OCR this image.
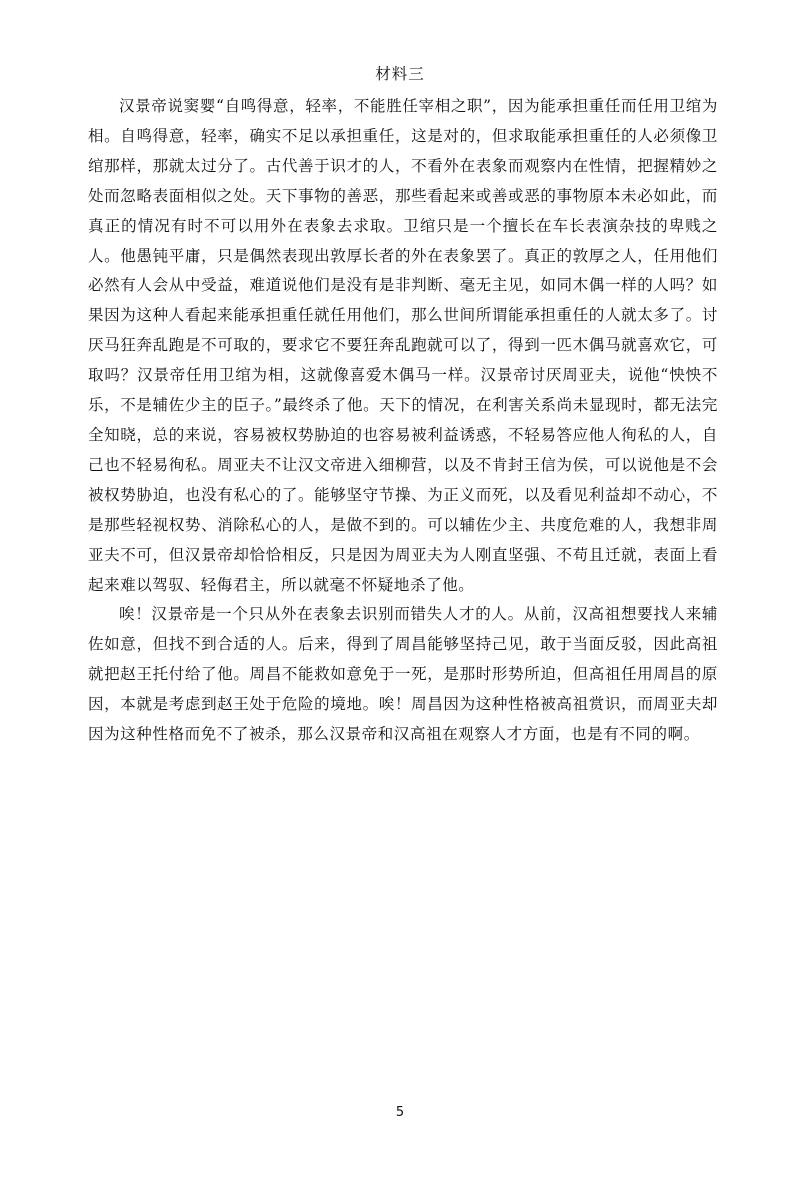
材料三

汉景帝说窦婴“自鸣得意，轻率，不能胜任宰相之职”，因为能承担重任而任用卫绾为相。自鸣得意，轻率，确实不足以承担重任，这是对的，但求取能承担重任的人必须像卫绾那样，那就太过分了。古代善于识才的人，不看外在表象而观察内在性情，把握精妙之处而忽略表面相似之处。天下事物的善恶，那些看起来或善或恶的事物原本未必如此，而真正的情况有时不可以用外在表象去求取。卫绾只是一个擅长在车长表演杂技的卑贱之人。他愚钝平庸，只是偶然表现出敦厚长者的外在表象罢了。真正的敦厚之人，任用他们必然有人会从中受益，难道说他们是没有是非判断、毫无主见，如同木偶一样的人吗？如果因为这种人看起来能承担重任就任用他们，那么世间所谓能承担重任的人就太多了。讨厌马狂奔乱跑是不可取的，要求它不要狂奔乱跑就可以了，得到一匹木偶马就喜欢它，可取吗？汉景帝任用卫绾为相，这就像喜爱木偶马一样。汉景帝讨厌周亚夫，说他“怏怏不乐，不是辅佐少主的臣子。”最终杀了他。天下的情况，在利害关系尚未显现时，都无法完全知晓，总的来说，容易被权势胁迫的也容易被利益诱惑，不轻易答应他人徇私的人，自己也不轻易徇私。周亚夫不让汉文帝进入细柳营，以及不肯封王信为侯，可以说他是不会被权势胁迫，也没有私心的了。能够坚守节操、为正义而死，以及看见利益却不动心，不是那些轻视权势、消除私心的人，是做不到的。可以辅佐少主、共度危难的人，我想非周亚夫不可，但汉景帝却恰恰相反，只是因为周亚夫为人刚直坚强、不苟且迁就，表面上看起来难以驾驭、轻侮君主，所以就毫不怀疑地杀了他。

唉！汉景帝是一个只从外在表象去识别而错失人才的人。从前，汉高祖想要找人来辅佐如意，但找不到合适的人。后来，得到了周昌能够坚持己见，敢于当面反驳，因此高祖就把赵王托付给了他。周昌不能救如意免于一死，是那时形势所迫，但高祖任用周昌的原因，本就是考虑到赵王处于危险的境地。唉！周昌因为这种性格被高祖赏识，而周亚夫却因为这种性格而免不了被杀，那么汉景帝和汉高祖在观察人才方面，也是有不同的啊。

5
